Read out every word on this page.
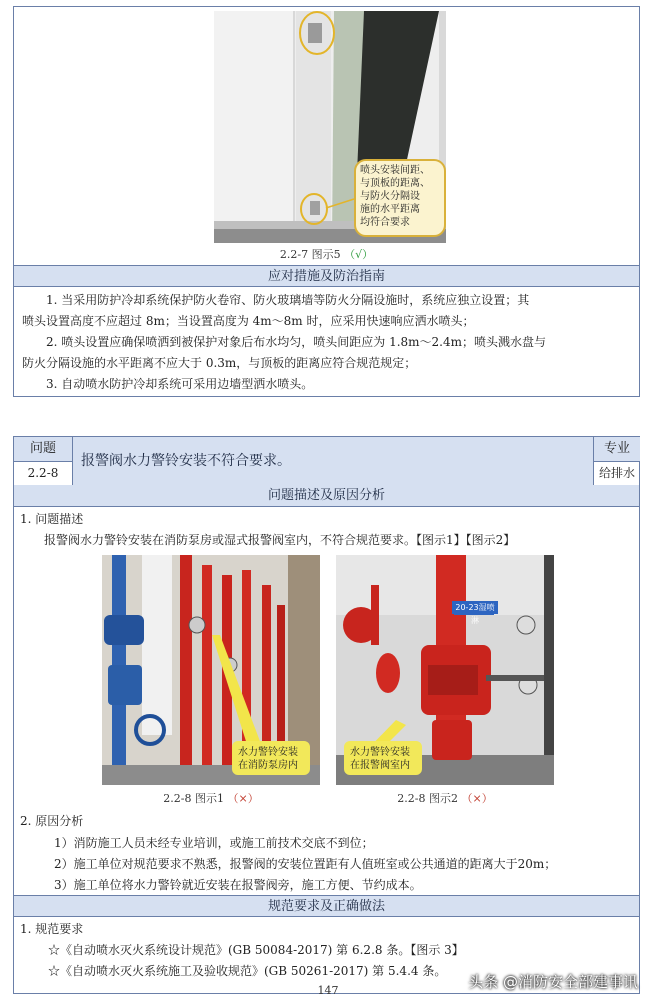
喷头安装间距、
与顶板的距离、
与防火分隔设
施的水平距离
均符合要求
2.2-7 图示5 （√）
应对措施及防治指南
1. 当采用防护冷却系统保护防火卷帘、防火玻璃墙等防火分隔设施时，系统应独立设置；其
喷头设置高度不应超过 8m；当设置高度为 4m～8m 时，应采用快速响应洒水喷头；
2. 喷头设置应确保喷洒到被保护对象后布水均匀，喷头间距应为 1.8m～2.4m；喷头溅水盘与
防火分隔设施的水平距离不应大于 0.3m，与顶板的距离应符合规范规定；
3. 自动喷水防护冷却系统可采用边墙型洒水喷头。
问题
2.2-8
报警阀水力警铃安装不符合要求。
专业
给排水
问题描述及原因分析
1. 问题描述
报警阀水力警铃安装在消防泵房或湿式报警阀室内，不符合规范要求。【图示1】【图示2】
水力警铃安装
在消防泵房内
20-23湿喷淋
水力警铃安装
在报警阀室内
2.2-8 图示1 （×）	2.2-8 图示2 （×）
2. 原因分析
1）消防施工人员未经专业培训，或施工前技术交底不到位；
2）施工单位对规范要求不熟悉，报警阀的安装位置距有人值班室或公共通道的距离大于20m；
3）施工单位将水力警铃就近安装在报警阀旁，施工方便、节约成本。
规范要求及正确做法
1. 规范要求
☆《自动喷水灭火系统设计规范》(GB 50084-2017) 第 6.2.8 条。【图示 3】
☆《自动喷水灭火系统施工及验收规范》(GB 50261-2017) 第 5.4.4 条。
147	头条 @消防安全部建事讯
